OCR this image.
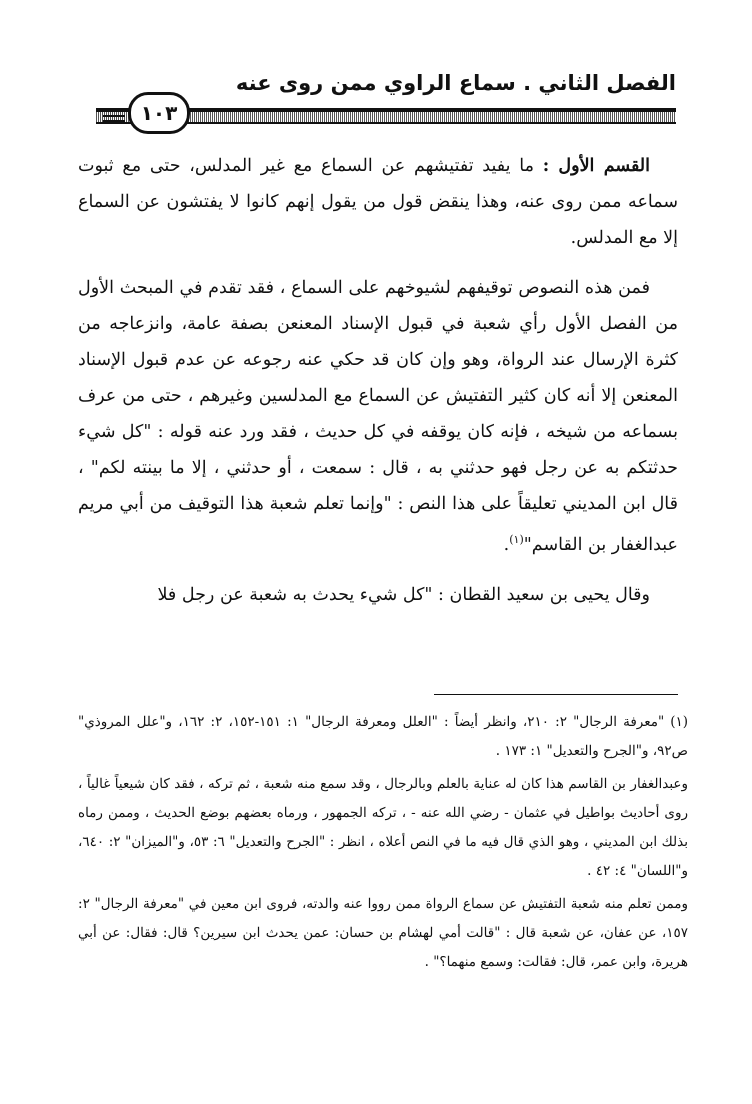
الفصل الثاني . سماع الراوي ممن روى عنه
١٠٣

القسم الأول : ما يفيد تفتيشهم عن السماع مع غير المدلس، حتى مع ثبوت سماعه ممن روى عنه، وهذا ينقض قول من يقول إنهم كانوا لا يفتشون عن السماع إلا مع المدلس.

فمن هذه النصوص توقيفهم لشيوخهم على السماع ، فقد تقدم في المبحث الأول من الفصل الأول رأي شعبة في قبول الإسناد المعنعن بصفة عامة، وانزعاجه من كثرة الإرسال عند الرواة، وهو وإن كان قد حكي عنه رجوعه عن عدم قبول الإسناد المعنعن إلا أنه كان كثير التفتيش عن السماع مع المدلسين وغيرهم ، حتى من عرف بسماعه من شيخه ، فإنه كان يوقفه في كل حديث ، فقد ورد عنه قوله : "كل شيء حدثتكم به عن رجل فهو حدثني به ، قال : سمعت ، أو حدثني ، إلا ما بينته لكم" ، قال ابن المديني تعليقاً على هذا النص : "وإنما تعلم شعبة هذا التوقيف من أبي مريم عبدالغفار بن القاسم"$^{(١)}$.

وقال يحيى بن سعيد القطان : "كل شيء يحدث به شعبة عن رجل فلا

(١)"معرفة الرجال" ٢: ٢١٠، وانظر أيضاً : "العلل ومعرفة الرجال" ١: ١٥١-١٥٢، ٢: ١٦٢، و"علل المروذي" ص٩٢، و"الجرح والتعديل" ١: ١٧٣ .

وعبدالغفار بن القاسم هذا كان له عناية بالعلم وبالرجال ، وقد سمع منه شعبة ، ثم تركه ، فقد كان شيعياً غالياً ، روى أحاديث بواطيل في عثمان - رضي الله عنه - ، تركه الجمهور ، ورماه بعضهم بوضع الحديث ، وممن رماه بذلك ابن المديني ، وهو الذي قال فيه ما في النص أعلاه ، انظر : "الجرح والتعديل" ٦: ٥٣، و"الميزان" ٢: ٦٤٠، و"اللسان" ٤: ٤٢ .

وممن تعلم منه شعبة التفتيش عن سماع الرواة ممن رووا عنه والدته، فروى ابن معين في "معرفة الرجال" ٢: ١٥٧، عن عفان، عن شعبة قال : "قالت أمي لهشام بن حسان: عمن يحدث ابن سيرين؟ قال: فقال: عن أبي هريرة، وابن عمر، قال: فقالت: وسمع منهما؟" .
